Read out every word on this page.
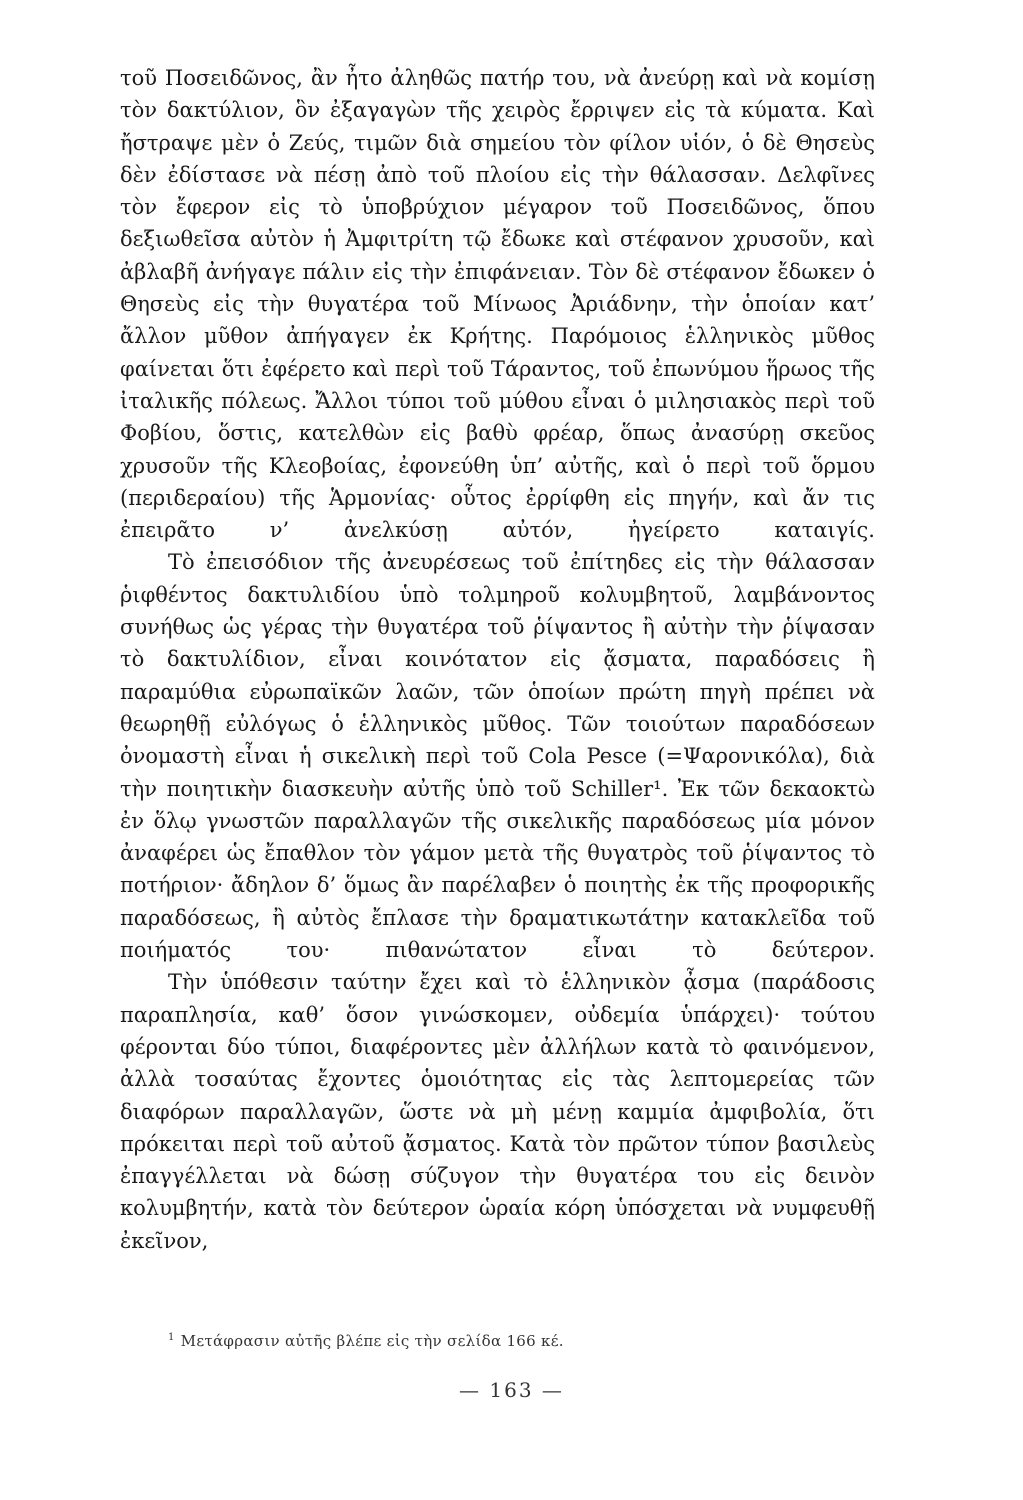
τοῦ Ποσειδῶνος, ἂν ἦτο ἀληθῶς πατήρ του, νὰ ἀνεύρῃ καὶ νὰ κομίσῃ τὸν δακτύλιον, ὃν ἐξαγαγὼν τῆς χειρὸς ἔρριψεν εἰς τὰ κύματα. Καὶ ἤστραψε μὲν ὁ Ζεύς, τιμῶν διὰ σημείου τὸν φίλον υἱόν, ὁ δὲ Θησεὺς δὲν ἐδίστασε νὰ πέσῃ ἀπὸ τοῦ πλοίου εἰς τὴν θάλασσαν. Δελφῖνες τὸν ἔφερον εἰς τὸ ὑποβρύχιον μέγαρον τοῦ Ποσειδῶνος, ὅπου δεξιωθεῖσα αὐτὸν ἡ Ἀμφιτρίτη τῷ ἔδωκε καὶ στέφανον χρυσοῦν, καὶ ἀβλαβῆ ἀνήγαγε πάλιν εἰς τὴν ἐπιφάνειαν. Τὸν δὲ στέφανον ἔδωκεν ὁ Θησεὺς εἰς τὴν θυγατέρα τοῦ Μίνωος Ἀριάδνην, τὴν ὁποίαν κατ’ ἄλλον μῦθον ἀπήγαγεν ἐκ Κρήτης. Παρόμοιος ἑλληνικὸς μῦθος φαίνεται ὅτι ἐφέρετο καὶ περὶ τοῦ Τάραντος, τοῦ ἐπωνύμου ἥρωος τῆς ἰταλικῆς πόλεως. Ἄλλοι τύποι τοῦ μύθου εἶναι ὁ μιλησιακὸς περὶ τοῦ Φοβίου, ὅστις, κατελθὼν εἰς βαθὺ φρέαρ, ὅπως ἀνασύρῃ σκεῦος χρυσοῦν τῆς Κλεοβοίας, ἐφονεύθη ὑπ’ αὐτῆς, καὶ ὁ περὶ τοῦ ὅρμου (περιδεραίου) τῆς Ἁρμονίας· οὗτος ἐρρίφθη εἰς πηγήν, καὶ ἄν τις ἐπειρᾶτο ν’ ἀνελκύσῃ αὐτόν, ἠγείρετο καταιγίς.

Τὸ ἐπεισόδιον τῆς ἀνευρέσεως τοῦ ἐπίτηδες εἰς τὴν θάλασσαν ῥιφθέντος δακτυλιδίου ὑπὸ τολμηροῦ κολυμβητοῦ, λαμβάνοντος συνήθως ὡς γέρας τὴν θυγατέρα τοῦ ῥίψαντος ἢ αὐτὴν τὴν ῥίψασαν τὸ δακτυλίδιον, εἶναι κοινότατον εἰς ᾄσματα, παραδόσεις ἢ παραμύθια εὐρωπαϊκῶν λαῶν, τῶν ὁποίων πρώτη πηγὴ πρέπει νὰ θεωρηθῇ εὐλόγως ὁ ἑλληνικὸς μῦθος. Τῶν τοιούτων παραδόσεων ὀνομαστὴ εἶναι ἡ σικελικὴ περὶ τοῦ Cola Pesce (=Ψαρονικόλα), διὰ τὴν ποιητικὴν διασκευὴν αὐτῆς ὑπὸ τοῦ Schiller¹. Ἐκ τῶν δεκαοκτὼ ἐν ὅλῳ γνωστῶν παραλλαγῶν τῆς σικελικῆς παραδόσεως μία μόνον ἀναφέρει ὡς ἔπαθλον τὸν γάμον μετὰ τῆς θυγατρὸς τοῦ ῥίψαντος τὸ ποτήριον· ἄδηλον δ’ ὅμως ἂν παρέλαβεν ὁ ποιητὴς ἐκ τῆς προφορικῆς παραδόσεως, ἢ αὐτὸς ἔπλασε τὴν δραματικωτάτην κατακλεῖδα τοῦ ποιήματός του· πιθανώτατον εἶναι τὸ δεύτερον.

Τὴν ὑπόθεσιν ταύτην ἔχει καὶ τὸ ἑλληνικὸν ᾆσμα (παράδοσις παραπλησία, καθ’ ὅσον γινώσκομεν, οὐδεμία ὑπάρχει)· τούτου φέρονται δύο τύποι, διαφέροντες μὲν ἀλλήλων κατὰ τὸ φαινόμενον, ἀλλὰ τοσαύτας ἔχοντες ὁμοιότητας εἰς τὰς λεπτομερείας τῶν διαφόρων παραλλαγῶν, ὥστε νὰ μὴ μένῃ καμμία ἀμφιβολία, ὅτι πρόκειται περὶ τοῦ αὐτοῦ ᾄσματος. Κατὰ τὸν πρῶτον τύπον βασιλεὺς ἐπαγγέλλεται νὰ δώσῃ σύζυγον τὴν θυγατέρα του εἰς δεινὸν κολυμβητήν, κατὰ τὸν δεύτερον ὡραία κόρη ὑπόσχεται νὰ νυμφευθῇ ἐκεῖνον,

$^1$ Μετάφρασιν αὐτῆς βλέπε εἰς τὴν σελίδα 166 κέ.
— 163 —
